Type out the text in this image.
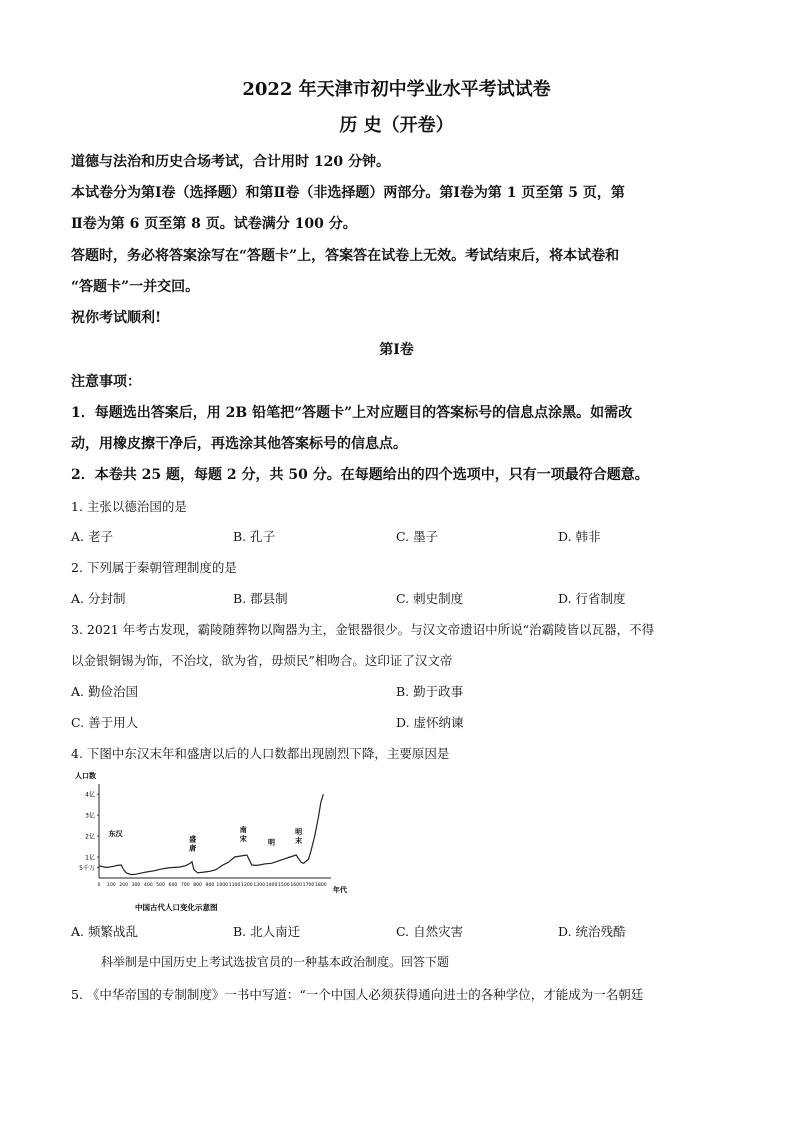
2022 年天津市初中学业水平考试试卷
历 史（开卷）
道德与法治和历史合场考试，合计用时 120 分钟。
本试卷分为第Ⅰ卷（选择题）和第Ⅱ卷（非选择题）两部分。第Ⅰ卷为第 1 页至第 5 页，第
Ⅱ卷为第 6 页至第 8 页。试卷满分 100 分。
答题时，务必将答案涂写在“答题卡”上，答案答在试卷上无效。考试结束后，将本试卷和
“答题卡”一并交回。
祝你考试顺利!
第Ⅰ卷
注意事项：
1．每题选出答案后，用 2B 铅笔把“答题卡”上对应题目的答案标号的信息点涂黑。如需改
动，用橡皮擦干净后，再选涂其他答案标号的信息点。
2．本卷共 25 题，每题 2 分，共 50 分。在每题给出的四个选项中，只有一项最符合题意。
1. 主张以德治国的是
A. 老子	B. 孔子	C. 墨子	D. 韩非
2. 下列属于秦朝管理制度的是
A. 分封制	B. 郡县制	C. 刺史制度	D. 行省制度
3. 2021 年考古发现，霸陵随葬物以陶器为主，金银器很少。与汉文帝遗诏中所说“治霸陵皆以瓦器，不得
以金银铜锡为饰，不治坟，欲为省，毋烦民”相吻合。这印证了汉文帝
A. 勤俭治国	B. 勤于政事
C. 善于用人	D. 虚怀纳谏
4. 下图中东汉末年和盛唐以后的人口数都出现剧烈下降，主要原因是
人口数
5千万
1亿
2亿
3亿
4亿
0 100 200 300 400 500 600 700 800 900 1000 1100 1200 1300 1400 1500 1600 1700 1800
东汉
盛
唐
南
宋	明
明
末
年代
中国古代人口变化示意图
A. 频繁战乱	B. 北人南迁	C. 自然灾害	D. 统治残酷
科举制是中国历史上考试选拔官员的一种基本政治制度。回答下题
5. 《中华帝国的专制制度》一书中写道：“一个中国人必须获得通向进士的各种学位，才能成为一名朝廷
